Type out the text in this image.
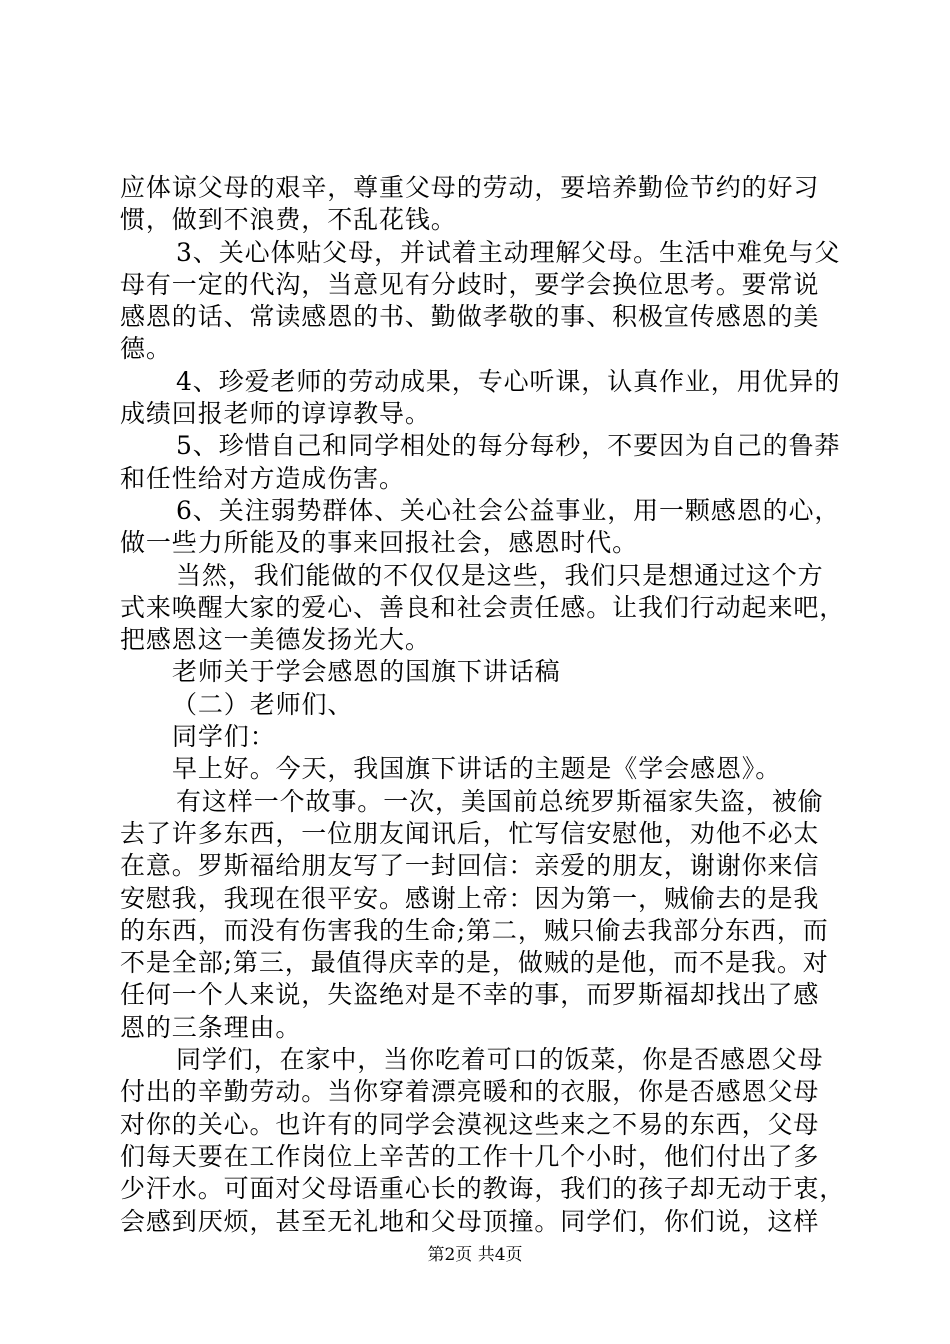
应体谅父母的艰辛，尊重父母的劳动，要培养勤俭节约的好习
惯，做到不浪费，不乱花钱。
3、关心体贴父母，并试着主动理解父母。生活中难免与父
母有一定的代沟，当意见有分歧时，要学会换位思考。要常说
感恩的话、常读感恩的书、勤做孝敬的事、积极宣传感恩的美
德。
4、珍爱老师的劳动成果，专心听课，认真作业，用优异的
成绩回报老师的谆谆教导。
5、珍惜自己和同学相处的每分每秒，不要因为自己的鲁莽
和任性给对方造成伤害。
6、关注弱势群体、关心社会公益事业，用一颗感恩的心，
做一些力所能及的事来回报社会，感恩时代。
当然，我们能做的不仅仅是这些，我们只是想通过这个方
式来唤醒大家的爱心、善良和社会责任感。让我们行动起来吧，
把感恩这一美德发扬光大。
老师关于学会感恩的国旗下讲话稿
（二）老师们、
同学们：
早上好。今天，我国旗下讲话的主题是《学会感恩》。
有这样一个故事。一次，美国前总统罗斯福家失盗，被偷
去了许多东西，一位朋友闻讯后，忙写信安慰他，劝他不必太
在意。罗斯福给朋友写了一封回信：亲爱的朋友，谢谢你来信
安慰我，我现在很平安。感谢上帝：因为第一，贼偷去的是我
的东西，而没有伤害我的生命;第二，贼只偷去我部分东西，而
不是全部;第三，最值得庆幸的是，做贼的是他，而不是我。对
任何一个人来说，失盗绝对是不幸的事，而罗斯福却找出了感
恩的三条理由。
同学们，在家中，当你吃着可口的饭菜，你是否感恩父母
付出的辛勤劳动。当你穿着漂亮暖和的衣服，你是否感恩父母
对你的关心。也许有的同学会漠视这些来之不易的东西，父母
们每天要在工作岗位上辛苦的工作十几个小时，他们付出了多
少汗水。可面对父母语重心长的教诲，我们的孩子却无动于衷，
会感到厌烦，甚至无礼地和父母顶撞。同学们，你们说，这样
第2页 共4页
